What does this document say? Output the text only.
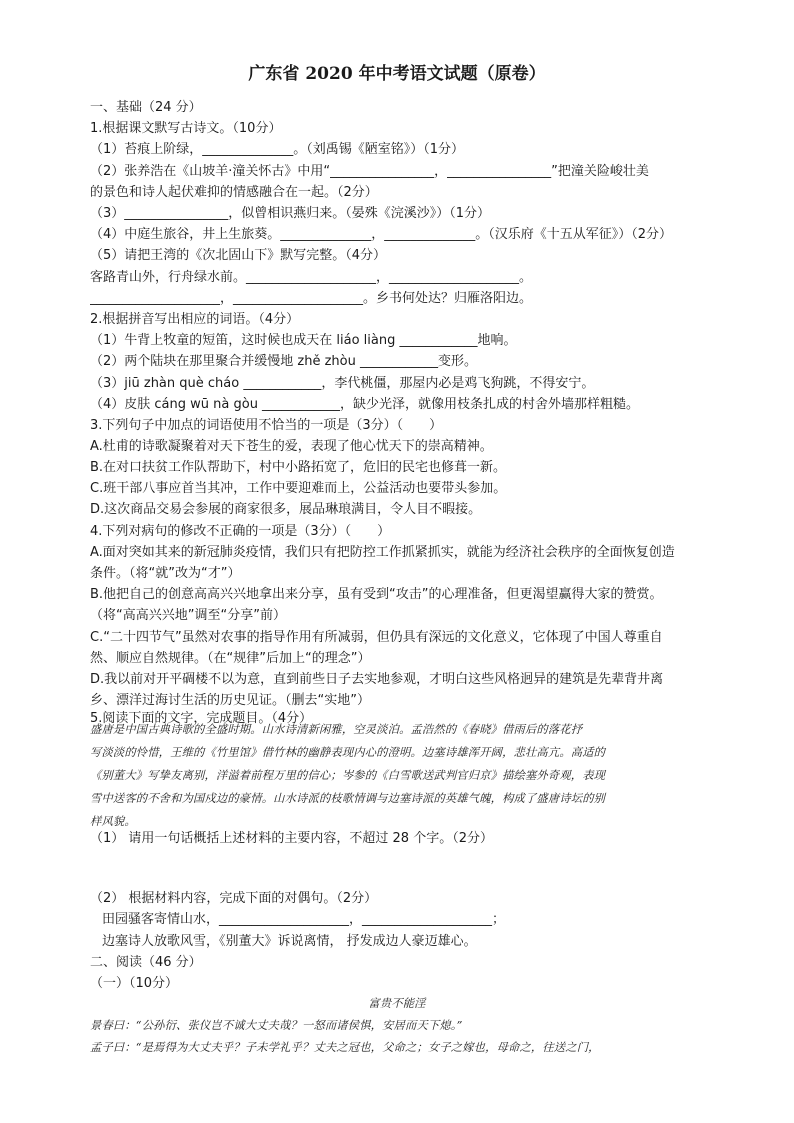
广东省 2020 年中考语文试题（原卷）
一、基础（24 分）
1.根据课文默写古诗文。（10分）
（1）苔痕上阶绿，______________。（刘禹锡《陋室铭》）（1分）
（2）张养浩在《山坡羊·潼关怀古》中用“________________，________________”把潼关险峻壮美
的景色和诗人起伏难抑的情感融合在一起。（2分）
（3）________________，似曾相识燕归来。（晏殊《浣溪沙》）（1分）
（4）中庭生旅谷，井上生旅葵。______________，______________。（汉乐府《十五从军征》）（2分）
（5）请把王湾的《次北固山下》默写完整。（4分）
客路青山外，行舟绿水前。____________________，____________________。
____________________，____________________。乡书何处达？归雁洛阳边。
2.根据拼音写出相应的词语。（4分）
（1）牛背上牧童的短笛，这时候也成天在 liáo liàng ____________地响。
（2）两个陆块在那里聚合并缓慢地 zhě zhòu ____________变形。
（3）jiū zhàn què cháo ____________，李代桃僵，那屋内必是鸡飞狗跳，不得安宁。
（4）皮肤 cáng wū nà gòu ____________，缺少光泽，就像用枝条扎成的村舍外墙那样粗糙。
3.下列句子中加点的词语使用不恰当的一项是（3分）（　　）
A.杜甫的诗歌凝聚着对天下苍生的爱，表现了他心忧天下的崇高精神。
B.在对口扶贫工作队帮助下，村中小路拓宽了，危旧的民宅也修葺一新。
C.班干部八事应首当其冲，工作中要迎难而上，公益活动也要带头参加。
D.这次商品交易会参展的商家很多，展品琳琅满目，令人目不暇接。
4.下列对病句的修改不正确的一项是（3分）（　　）
A.面对突如其来的新冠肺炎疫情，我们只有把防控工作抓紧抓实，就能为经济社会秩序的全面恢复创造
条件。（将“就”改为“才”）
B.他把自己的创意高高兴兴地拿出来分享，虽有受到“攻击”的心理准备，但更渴望赢得大家的赞赏。
（将“高高兴兴地”调至“分享”前）
C.“二十四节气”虽然对农事的指导作用有所减弱，但仍具有深远的文化意义，它体现了中国人尊重自
然、顺应自然规律。（在“规律”后加上“的理念”）
D.我以前对开平碉楼不以为意，直到前些日子去实地参观，才明白这些风格迥异的建筑是先辈背井离
乡、漂洋过海讨生活的历史见证。（删去“实地”）
5.阅读下面的文字，完成题目。（4分）
盛唐是中国古典诗歌的全盛时期。山水诗清新闲雅，空灵淡泊。孟浩然的《春晓》借雨后的落花抒
写淡淡的怜惜，王维的《竹里馆》借竹林的幽静表现内心的澄明。边塞诗雄浑开阔，悲壮高亢。高适的
《别董大》写挚友离别，洋溢着前程万里的信心；岑参的《白雪歌送武判官归京》描绘塞外奇观，表现
雪中送客的不舍和为国戍边的豪情。山水诗派的枝歌情调与边塞诗派的英雄气魄，构成了盛唐诗坛的别
样风貌。
（1） 请用一句话概括上述材料的主要内容，不超过 28 个字。（2分）
（2） 根据材料内容，完成下面的对偶句。（2分）
田园骚客寄情山水，____________________，____________________；
边塞诗人放歌风雪，《别董大》诉说离情， 抒发成边人豪迈雄心。
二、阅读（46 分）
（一）（10分）
富贵不能淫
景春曰：“公孙衍、张仪岂不诚大丈夫哉？一怒而诸侯惧，安居而天下熄。”
孟子曰：“是焉得为大丈夫乎？子未学礼乎？丈夫之冠也，父命之；女子之嫁也，母命之，往送之门，
